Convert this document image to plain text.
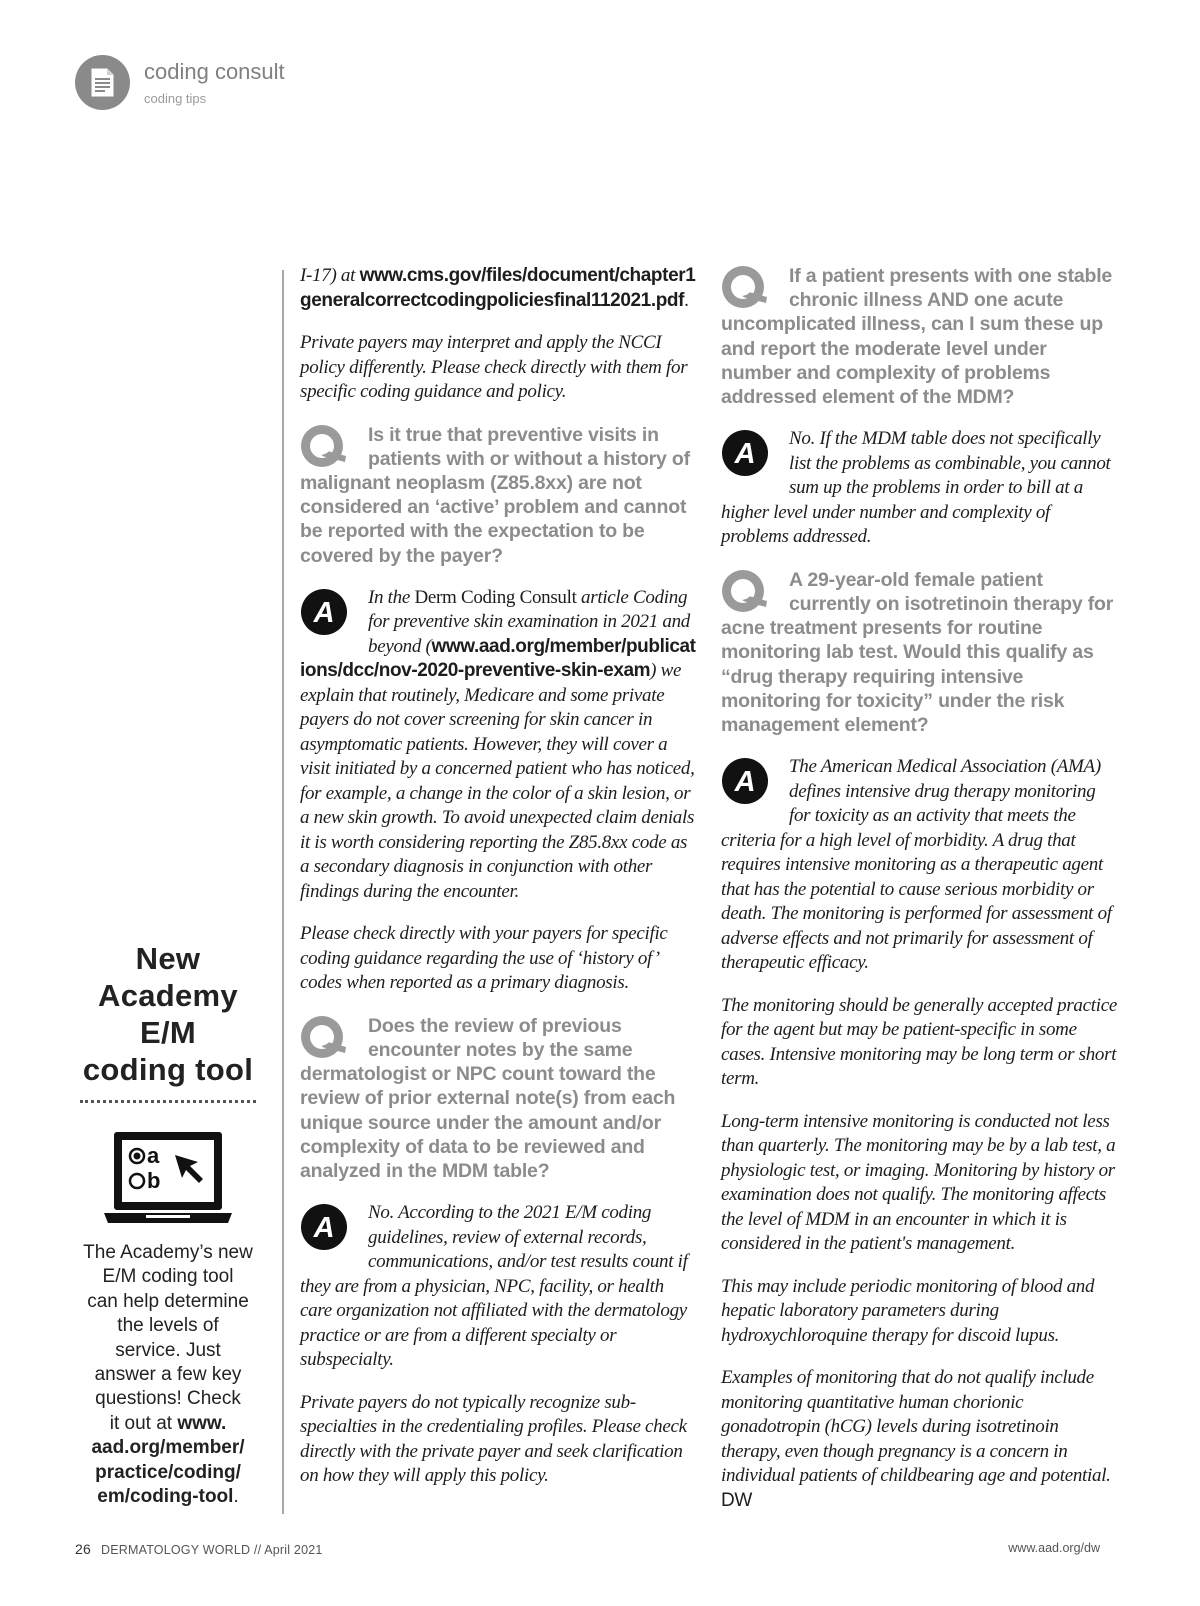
coding consult
coding tips
New
Academy
E/M
coding tool
a
b
The Academy’s new
E/M coding tool
can help determine
the levels of
service. Just
answer a few key
questions! Check
it out at www.
aad.org/member/
practice/coding/
em/coding-tool.

I-17) at www.cms.gov/files/document/chapter1generalcorrectcodingpoliciesfinal112021.pdf.

Private payers may interpret and apply the NCCI policy differently. Please check directly with them for specific coding guidance and policy.

Is it true that preventive visits in patients with or without a history of malignant neoplasm (Z85.8xx) are not considered an ‘active’ problem and cannot be reported with the expectation to be covered by the payer?
A In the Derm Coding Consult article Coding for preventive skin examination in 2021 and beyond (www.aad.org/member/publications/dcc/nov-2020-preventive-skin-exam) we explain that routinely, Medicare and some private payers do not cover screening for skin cancer in asymptomatic patients. However, they will cover a visit initiated by a concerned patient who has noticed, for example, a change in the color of a skin lesion, or a new skin growth. To avoid unexpected claim denials it is worth considering reporting the Z85.8xx code as a secondary diagnosis in conjunction with other findings during the encounter.

Please check directly with your payers for specific coding guidance regarding the use of ‘history of’ codes when reported as a primary diagnosis.

Does the review of previous encounter notes by the same dermatologist or NPC count toward the review of prior external note(s) from each unique source under the amount and/or complexity of data to be reviewed and analyzed in the MDM table?
A No. According to the 2021 E/M coding guidelines, review of external records, communications, and/or test results count if they are from a physician, NPC, facility, or health care organization not affiliated with the dermatology practice or are from a different specialty or subspecialty.

Private payers do not typically recognize sub-specialties in the credentialing profiles. Please check directly with the private payer and seek clarification on how they will apply this policy.

If a patient presents with one stable chronic illness AND one acute uncomplicated illness, can I sum these up and report the moderate level under number and complexity of problems addressed element of the MDM?
A No. If the MDM table does not specifically list the problems as combinable, you cannot sum up the problems in order to bill at a higher level under number and complexity of problems addressed.
A 29-year-old female patient currently on isotretinoin therapy for acne treatment presents for routine monitoring lab test. Would this qualify as “drug therapy requiring intensive monitoring for toxicity” under the risk management element?
A The American Medical Association (AMA) defines intensive drug therapy monitoring for toxicity as an activity that meets the criteria for a high level of morbidity. A drug that requires intensive monitoring as a therapeutic agent that has the potential to cause serious morbidity or death. The monitoring is performed for assessment of adverse effects and not primarily for assessment of therapeutic efficacy.

The monitoring should be generally accepted practice for the agent but may be patient-specific in some cases. Intensive monitoring may be long term or short term.

Long-term intensive monitoring is conducted not less than quarterly. The monitoring may be by a lab test, a physiologic test, or imaging. Monitoring by history or examination does not qualify. The monitoring affects the level of MDM in an encounter in which it is considered in the patient's management.

This may include periodic monitoring of blood and hepatic laboratory parameters during hydroxychloroquine therapy for discoid lupus.

Examples of monitoring that do not qualify include monitoring quantitative human chorionic gonadotropin (hCG) levels during isotretinoin therapy, even though pregnancy is a concern in individual patients of childbearing age and potential. DW

26 DERMATOLOGY WORLD // April 2021	www.aad.org/dw
